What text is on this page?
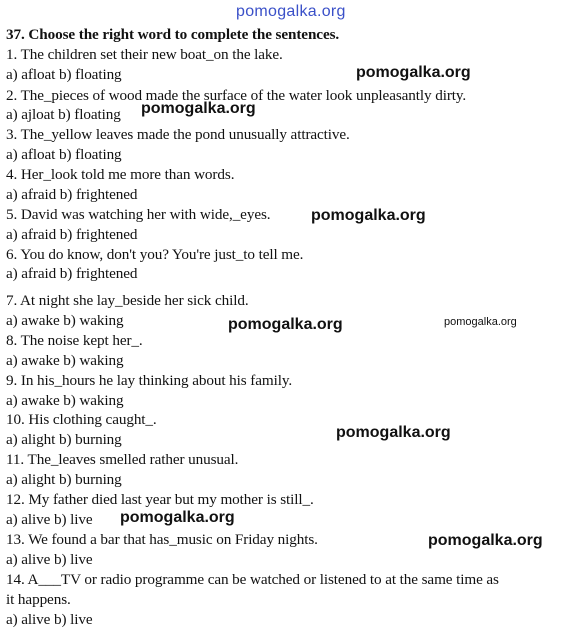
pomogalka.org
37. Choose the right word to complete the sentences.
1. The children set their new boat_on the lake.
a) afloat b) floating
2. The_pieces of wood made the surface of the water look unpleasantly dirty.
a) ajloat b) floating
3. The_yellow leaves made the pond unusually attractive.
a) afloat b) floating
4. Her_look told me more than words.
a) afraid b) frightened
5. David was watching her with wide,_eyes.
a) afraid b) frightened
6. You do know, don't you? You're just_to tell me.
a) afraid b) frightened
7. At night she lay_beside her sick child.
a) awake b) waking
8. The noise kept her_.
a) awake b) waking
9. In his_hours he lay thinking about his family.
a) awake b) waking
10. His clothing caught_.
a) alight b) burning
11. The_leaves smelled rather unusual.
a) alight b) burning
12. My father died last year but my mother is still_.
a) alive b) live
13. We found a bar that has_music on Friday nights.
a) alive b) live
14. A___TV or radio programme can be watched or listened to at the same time as
it happens.
a) alive b) live
pomogalka.org
pomogalka.org
pomogalka.org
pomogalka.org	pomogalka.org
pomogalka.org
pomogalka.org
pomogalka.org
